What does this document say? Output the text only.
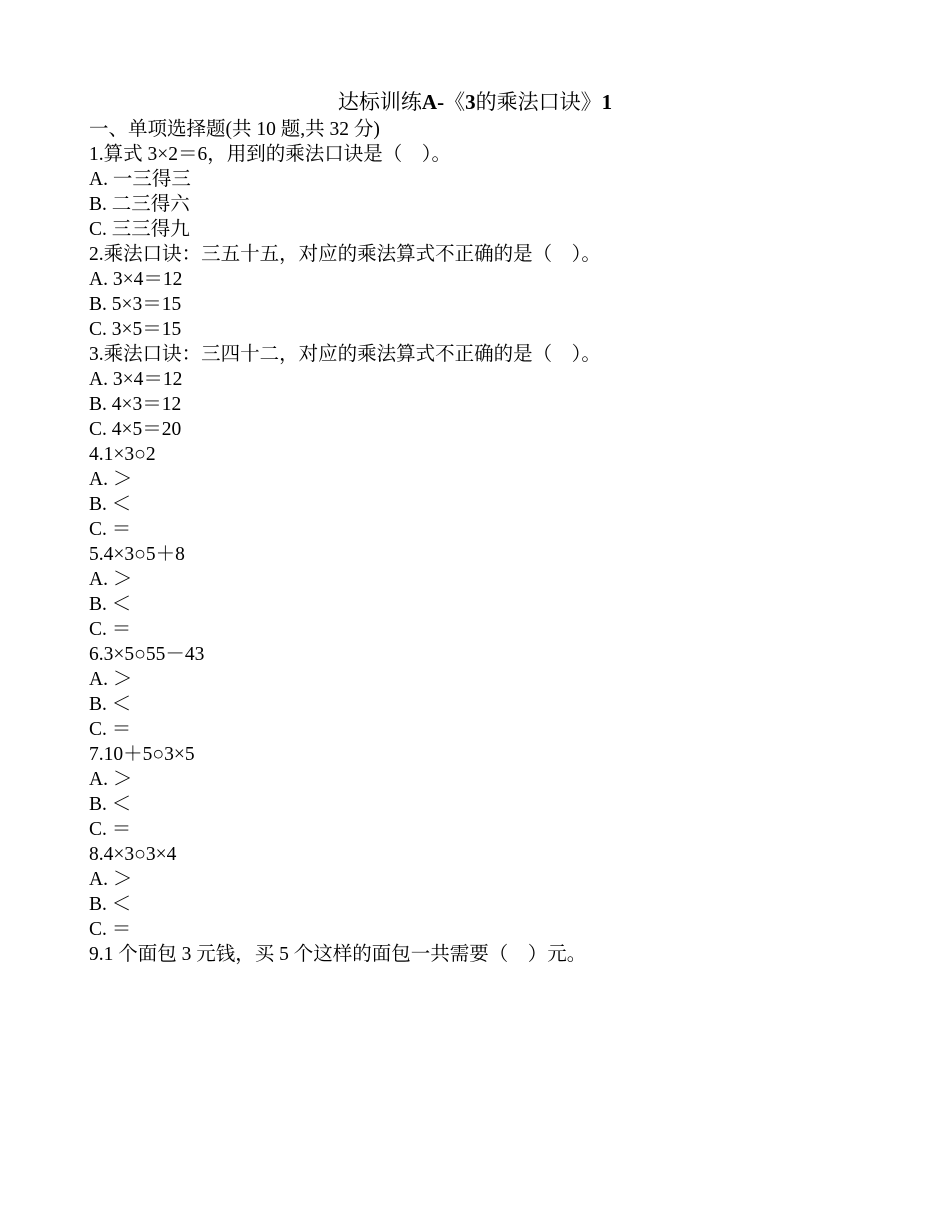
达标训练A-《3的乘法口诀》1
一、单项选择题(共 10 题,共 32 分)
1.算式 3×2＝6，用到的乘法口诀是（　）。
A. 一三得三
B. 二三得六
C. 三三得九
2.乘法口诀：三五十五，对应的乘法算式不正确的是（　）。
A. 3×4＝12
B. 5×3＝15
C. 3×5＝15
3.乘法口诀：三四十二，对应的乘法算式不正确的是（　）。
A. 3×4＝12
B. 4×3＝12
C. 4×5＝20
4.1×3○2
A. ＞
B. ＜
C. ＝
5.4×3○5＋8
A. ＞
B. ＜
C. ＝
6.3×5○55－43
A. ＞
B. ＜
C. ＝
7.10＋5○3×5
A. ＞
B. ＜
C. ＝
8.4×3○3×4
A. ＞
B. ＜
C. ＝
9.1 个面包 3 元钱，买 5 个这样的面包一共需要（　）元。
